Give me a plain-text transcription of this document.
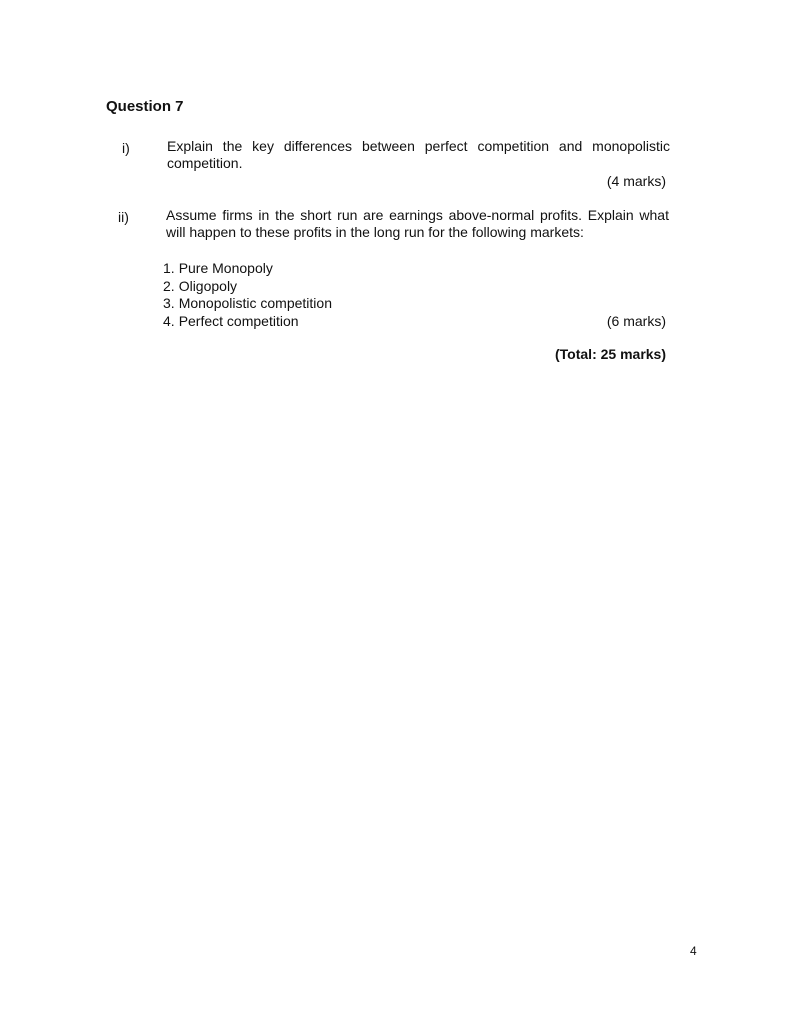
Question 7
i)	Explain the key differences between perfect competition and monopolistic competition.
(4 marks)
ii)	Assume firms in the short run are earnings above-normal profits. Explain what will happen to these profits in the long run for the following markets:
1. Pure Monopoly
2. Oligopoly
3. Monopolistic competition
4. Perfect competition	(6 marks)
(Total: 25 marks)
4
